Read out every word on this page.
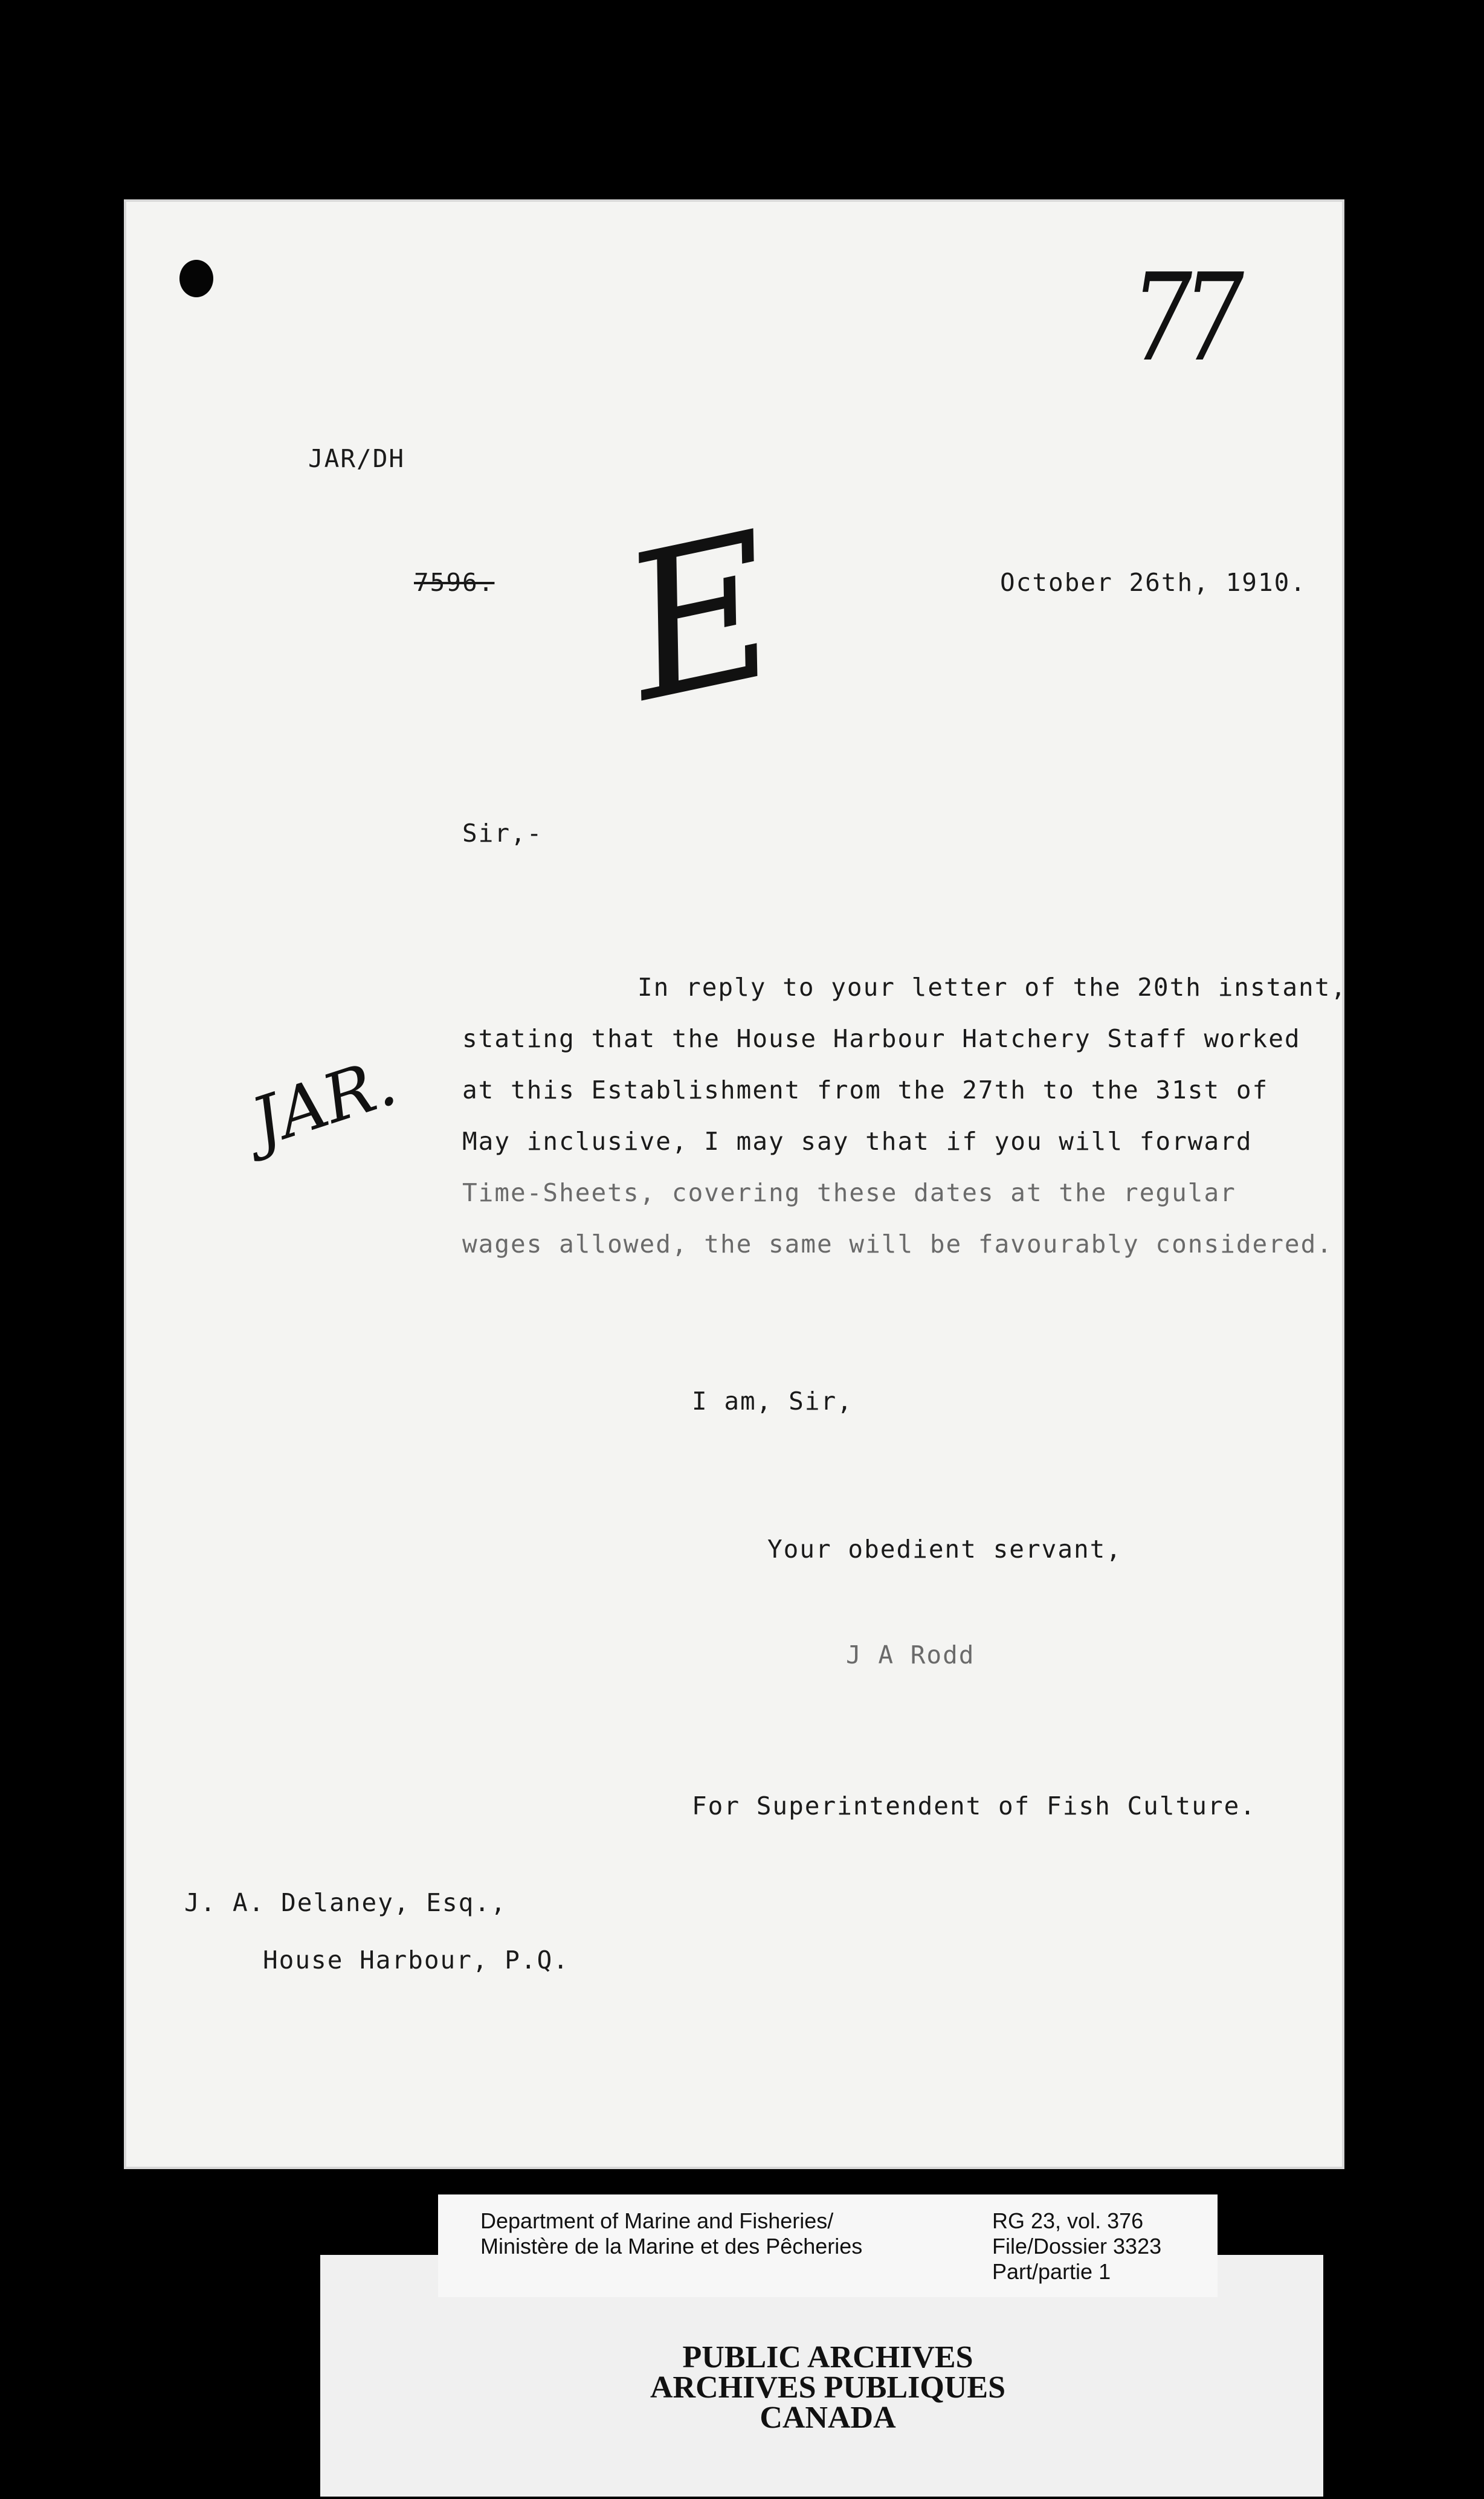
77
JAR/DH
7596.	October 26th, 1910.
E
Sir,-
JAR.
In reply to your letter of the 20th instant,
stating that the House Harbour Hatchery Staff worked
at this Establishment from the 27th to the 31st of
May inclusive, I may say that if you will forward
Time-Sheets, covering these dates at the regular
wages allowed, the same will be favourably considered.
I am, Sir,
Your obedient servant,
J A Rodd
For Superintendent of Fish Culture.
J. A. Delaney, Esq.,
House Harbour, P.Q.
Department of Marine and Fisheries/
Ministère de la Marine et des Pêcheries
RG 23, vol. 376
File/Dossier 3323
Part/partie 1
PUBLIC ARCHIVES
ARCHIVES PUBLIQUES
CANADA
